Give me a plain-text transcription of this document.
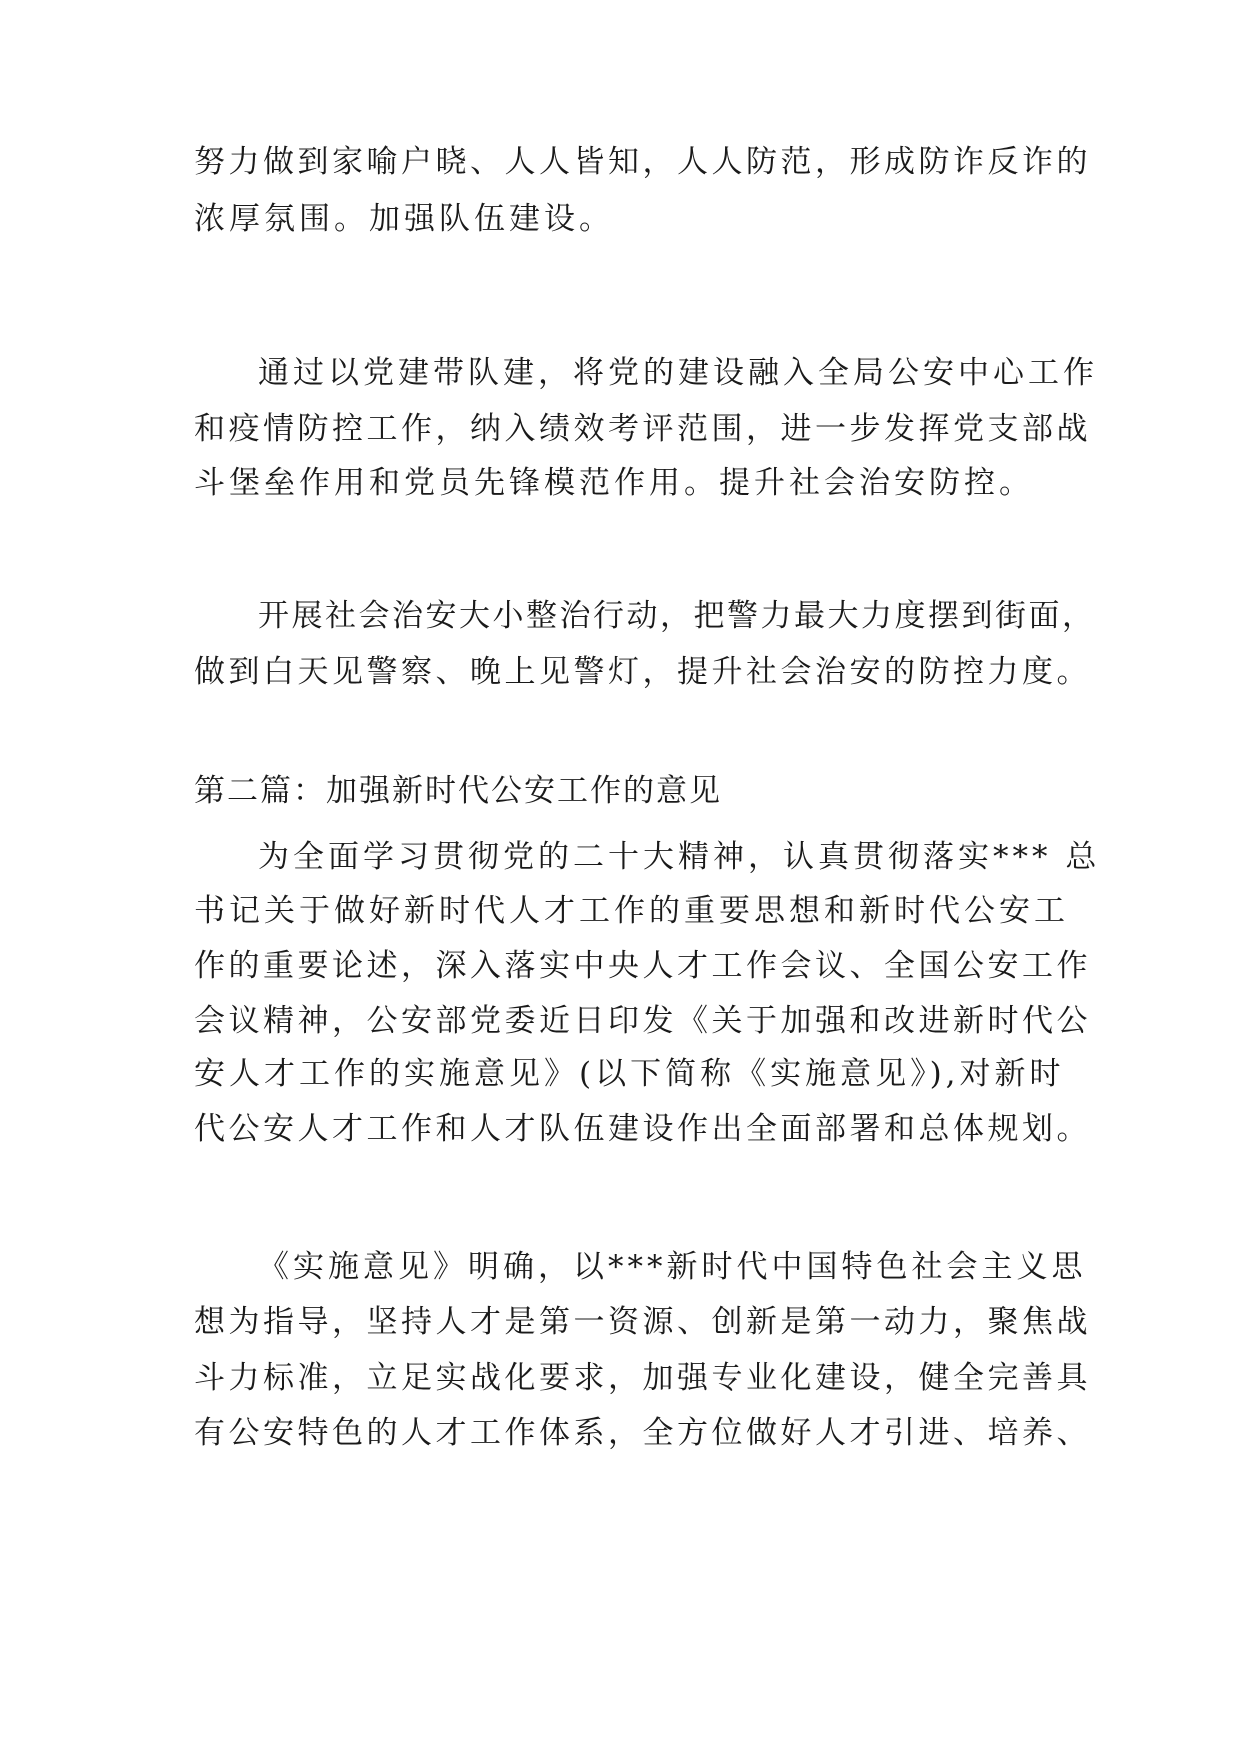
努力做到家喻户晓、人人皆知，人人防范，形成防诈反诈的
浓厚氛围。加强队伍建设。
通过以党建带队建，将党的建设融入全局公安中心工作
和疫情防控工作，纳入绩效考评范围，进一步发挥党支部战
斗堡垒作用和党员先锋模范作用。提升社会治安防控。
开展社会治安大小整治行动，把警力最大力度摆到街面，
做到白天见警察、晚上见警灯，提升社会治安的防控力度。
第二篇：加强新时代公安工作的意见
为全面学习贯彻党的二十大精神，认真贯彻落实*** 总
书记关于做好新时代人才工作的重要思想和新时代公安工
作的重要论述，深入落实中央人才工作会议、全国公安工作
会议精神，公安部党委近日印发《关于加强和改进新时代公
安人才工作的实施意见》(以下简称《实施意见》),对新时
代公安人才工作和人才队伍建设作出全面部署和总体规划。
《实施意见》明确，以***新时代中国特色社会主义思
想为指导，坚持人才是第一资源、创新是第一动力，聚焦战
斗力标准，立足实战化要求，加强专业化建设，健全完善具
有公安特色的人才工作体系，全方位做好人才引进、培养、
